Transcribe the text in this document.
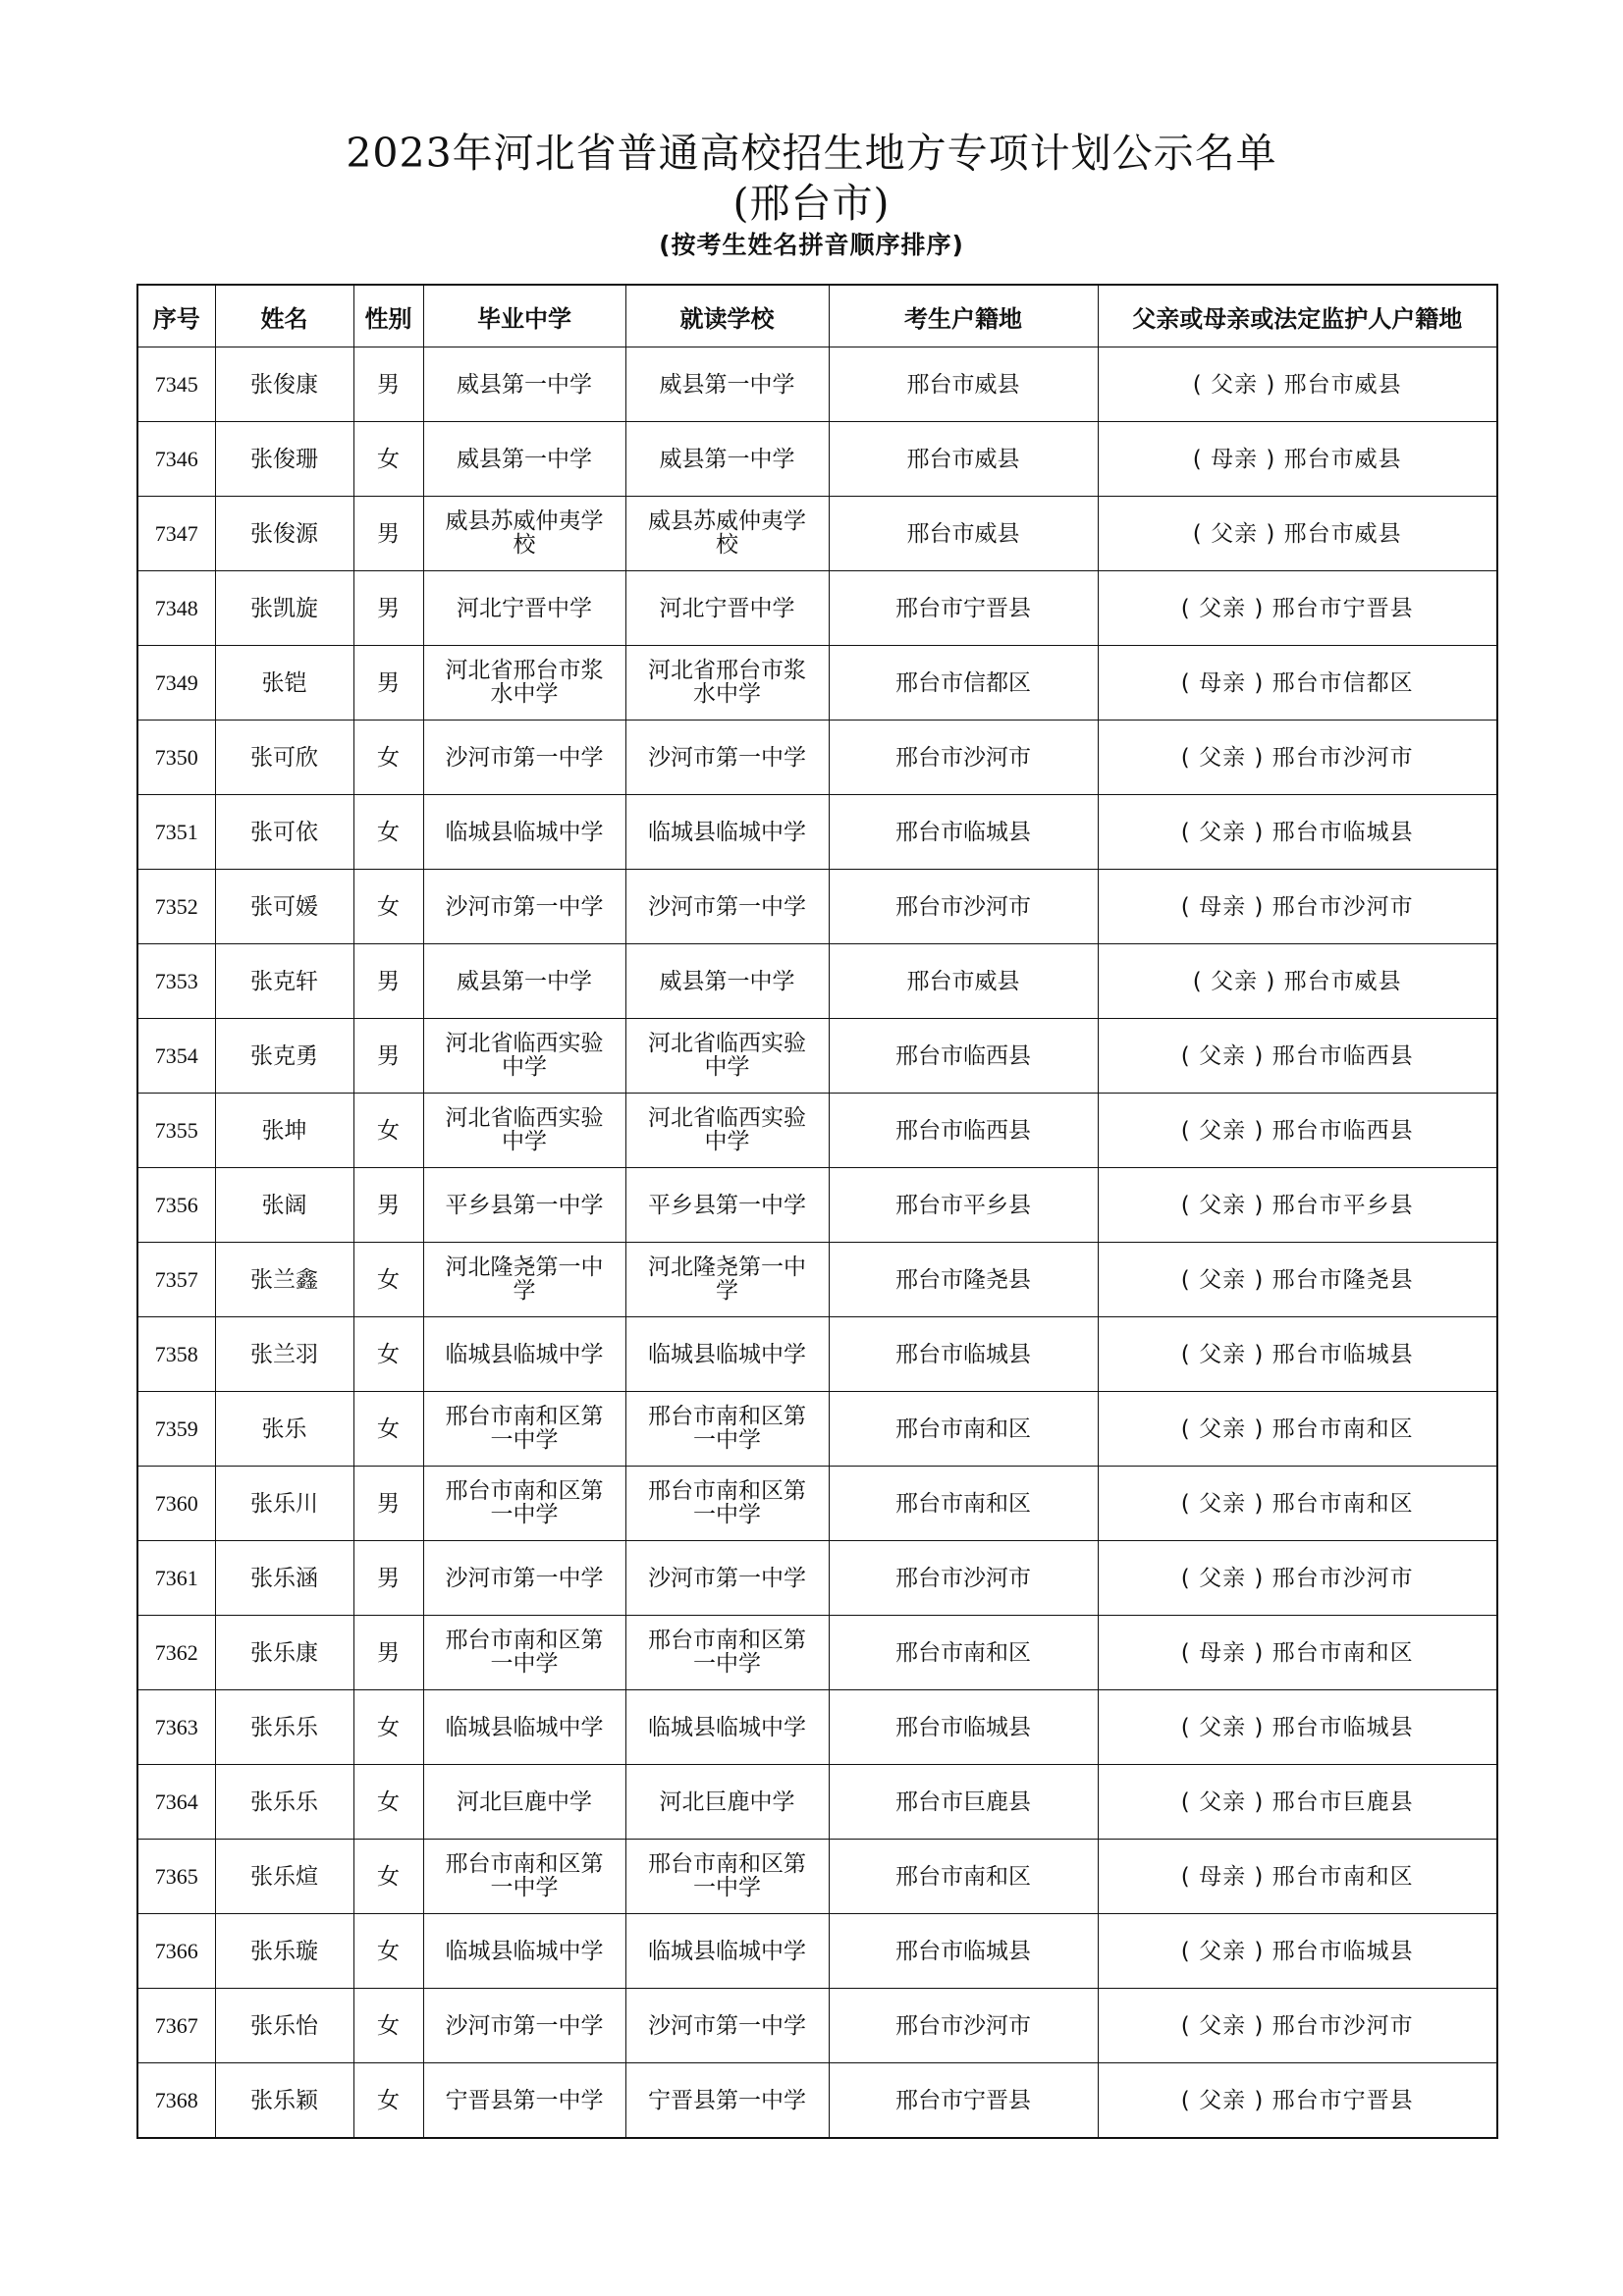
2023年河北省普通高校招生地方专项计划公示名单
(邢台市)
(按考生姓名拼音顺序排序)
序号	姓名	性别	毕业中学	就读学校	考生户籍地	父亲或母亲或法定监护人户籍地
7345	张俊康	男	威县第一中学	威县第一中学	邢台市威县	( 父亲 ) 邢台市威县
7346	张俊珊	女	威县第一中学	威县第一中学	邢台市威县	( 母亲 ) 邢台市威县
7347	张俊源	男	威县苏威仲夷学校	威县苏威仲夷学校	邢台市威县	( 父亲 ) 邢台市威县
7348	张凯旋	男	河北宁晋中学	河北宁晋中学	邢台市宁晋县	( 父亲 ) 邢台市宁晋县
7349	张铠	男	河北省邢台市浆水中学	河北省邢台市浆水中学	邢台市信都区	( 母亲 ) 邢台市信都区
7350	张可欣	女	沙河市第一中学	沙河市第一中学	邢台市沙河市	( 父亲 ) 邢台市沙河市
7351	张可依	女	临城县临城中学	临城县临城中学	邢台市临城县	( 父亲 ) 邢台市临城县
7352	张可媛	女	沙河市第一中学	沙河市第一中学	邢台市沙河市	( 母亲 ) 邢台市沙河市
7353	张克轩	男	威县第一中学	威县第一中学	邢台市威县	( 父亲 ) 邢台市威县
7354	张克勇	男	河北省临西实验中学	河北省临西实验中学	邢台市临西县	( 父亲 ) 邢台市临西县
7355	张坤	女	河北省临西实验中学	河北省临西实验中学	邢台市临西县	( 父亲 ) 邢台市临西县
7356	张阔	男	平乡县第一中学	平乡县第一中学	邢台市平乡县	( 父亲 ) 邢台市平乡县
7357	张兰鑫	女	河北隆尧第一中学	河北隆尧第一中学	邢台市隆尧县	( 父亲 ) 邢台市隆尧县
7358	张兰羽	女	临城县临城中学	临城县临城中学	邢台市临城县	( 父亲 ) 邢台市临城县
7359	张乐	女	邢台市南和区第一中学	邢台市南和区第一中学	邢台市南和区	( 父亲 ) 邢台市南和区
7360	张乐川	男	邢台市南和区第一中学	邢台市南和区第一中学	邢台市南和区	( 父亲 ) 邢台市南和区
7361	张乐涵	男	沙河市第一中学	沙河市第一中学	邢台市沙河市	( 父亲 ) 邢台市沙河市
7362	张乐康	男	邢台市南和区第一中学	邢台市南和区第一中学	邢台市南和区	( 母亲 ) 邢台市南和区
7363	张乐乐	女	临城县临城中学	临城县临城中学	邢台市临城县	( 父亲 ) 邢台市临城县
7364	张乐乐	女	河北巨鹿中学	河北巨鹿中学	邢台市巨鹿县	( 父亲 ) 邢台市巨鹿县
7365	张乐煊	女	邢台市南和区第一中学	邢台市南和区第一中学	邢台市南和区	( 母亲 ) 邢台市南和区
7366	张乐璇	女	临城县临城中学	临城县临城中学	邢台市临城县	( 父亲 ) 邢台市临城县
7367	张乐怡	女	沙河市第一中学	沙河市第一中学	邢台市沙河市	( 父亲 ) 邢台市沙河市
7368	张乐颖	女	宁晋县第一中学	宁晋县第一中学	邢台市宁晋县	( 父亲 ) 邢台市宁晋县
